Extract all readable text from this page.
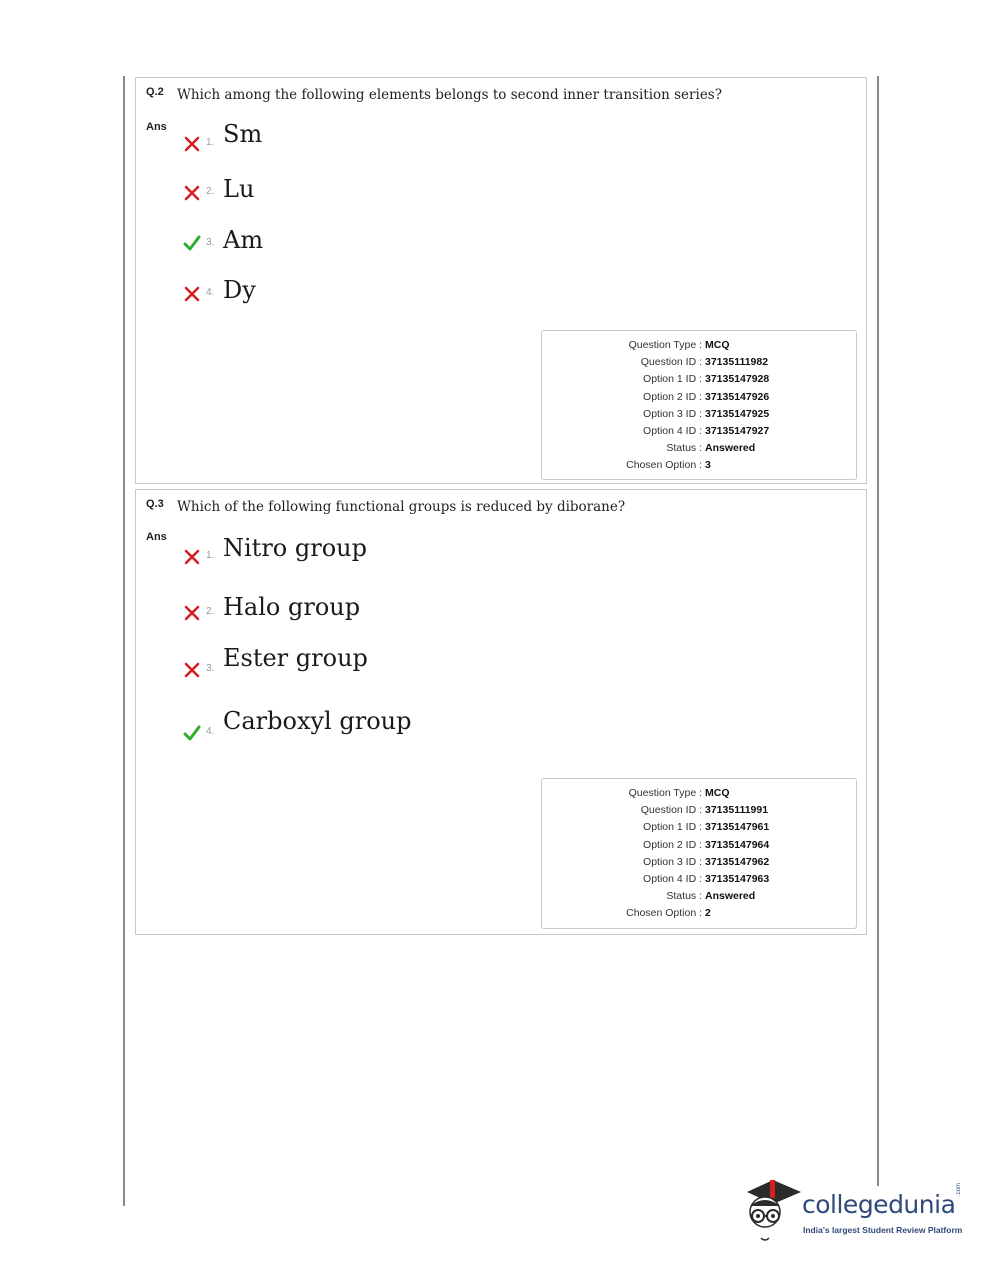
Q.2 Which among the following elements belongs to second inner transition series?
Ans
1. Sm
2. Lu
3. Am
4. Dy
Question Type : MCQ
Question ID : 37135111982
Option 1 ID : 37135147928
Option 2 ID : 37135147926
Option 3 ID : 37135147925
Option 4 ID : 37135147927
Status : Answered
Chosen Option : 3
Q.3 Which of the following functional groups is reduced by diborane?
Ans
1. Nitro group
2. Halo group
3. Ester group
4. Carboxyl group
Question Type : MCQ
Question ID : 37135111991
Option 1 ID : 37135147961
Option 2 ID : 37135147964
Option 3 ID : 37135147962
Option 4 ID : 37135147963
Status : Answered
Chosen Option : 2
collegedunia
.com
India's largest Student Review Platform
